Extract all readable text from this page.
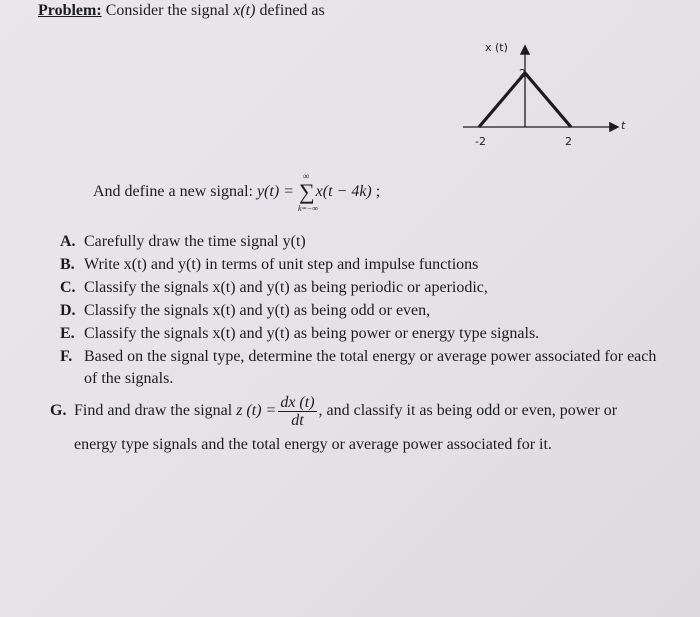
Problem: Consider the signal x(t) defined as
x (t)
2
t
-2	2
And define a new signal: y(t) = ∑
∞
k=−∞
x(t − 4k) ;
A. Carefully draw the time signal y(t)
B. Write x(t) and y(t) in terms of unit step and impulse functions
C. Classify the signals x(t) and y(t) as being periodic or aperiodic,
D. Classify the signals x(t) and y(t) as being odd or even,
E. Classify the signals x(t) and y(t) as being power or energy type signals.
F. Based on the signal type, determine the total energy or average power associated for each
of the signals.
G. Find and draw the signal z $(t) = \frac{dx (t)}{dt}$ , and classify it as being odd or even, power or
energy type signals and the total energy or average power associated for it.
